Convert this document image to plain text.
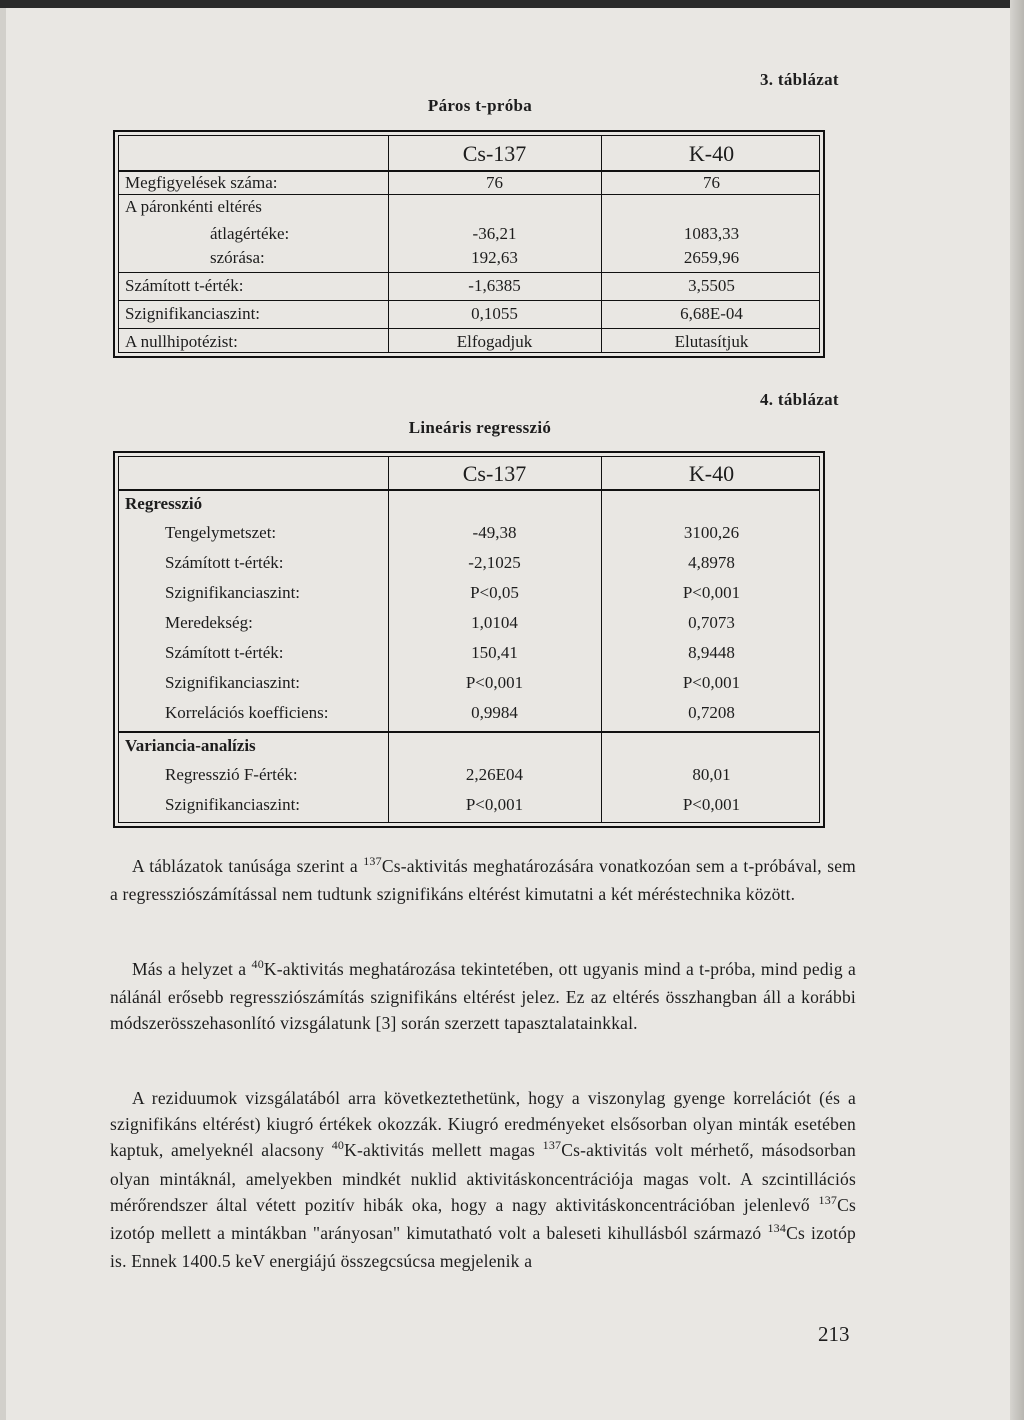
3. táblázat
Páros t-próba
Cs-137	K-40
Megfigyelések száma:	76	76
A páronkénti eltérés
átlagértéke:	-36,21	1083,33
szórása:	192,63	2659,96
Számított t-érték:	-1,6385	3,5505
Szignifikanciaszint:	0,1055	6,68E-04
A nullhipotézist:	Elfogadjuk	Elutasítjuk
4. táblázat
Lineáris regresszió
Cs-137	K-40
Regresszió
Tengelymetszet:	-49,38	3100,26
Számított t-érték:	-2,1025	4,8978
Szignifikanciaszint:	P<0,05	P<0,001
Meredekség:	1,0104	0,7073
Számított t-érték:	150,41	8,9448
Szignifikanciaszint:	P<0,001	P<0,001
Korrelációs koefficiens:	0,9984	0,7208
Variancia-analízis
Regresszió F-érték:	2,26E04	80,01
Szignifikanciaszint:	P<0,001	P<0,001
A táblázatok tanúsága szerint a $^{137}$Cs-aktivitás meghatározására vonatkozóan sem a t-próbával, sem a regressziószámítással nem tudtunk szignifikáns eltérést kimutatni a két méréstechnika között.
Más a helyzet a $^{40}$K-aktivitás meghatározása tekintetében, ott ugyanis mind a t-próba, mind pedig a nálánál erősebb regressziószámítás szignifikáns eltérést jelez. Ez az eltérés összhangban áll a korábbi módszerösszehasonlító vizsgálatunk [3] során szerzett tapasztalatainkkal.
A reziduumok vizsgálatából arra következtethetünk, hogy a viszonylag gyenge korrelációt (és a szignifikáns eltérést) kiugró értékek okozzák. Kiugró eredményeket elsősorban olyan minták esetében kaptuk, amelyeknél alacsony $^{40}$K-aktivitás mellett magas $^{137}$Cs-aktivitás volt mérhető, másodsorban olyan mintáknál, amelyekben mindkét nuklid aktivitáskoncentrációja magas volt. A szcintillációs mérőrendszer által vétett pozitív hibák oka, hogy a nagy aktivitáskoncentrációban jelenlevő $^{137}$Cs izotóp mellett a mintákban "arányosan" kimutatható volt a baleseti kihullásból származó $^{134}$Cs izotóp is. Ennek 1400.5 keV energiájú összegcsúcsa megjelenik a
213
